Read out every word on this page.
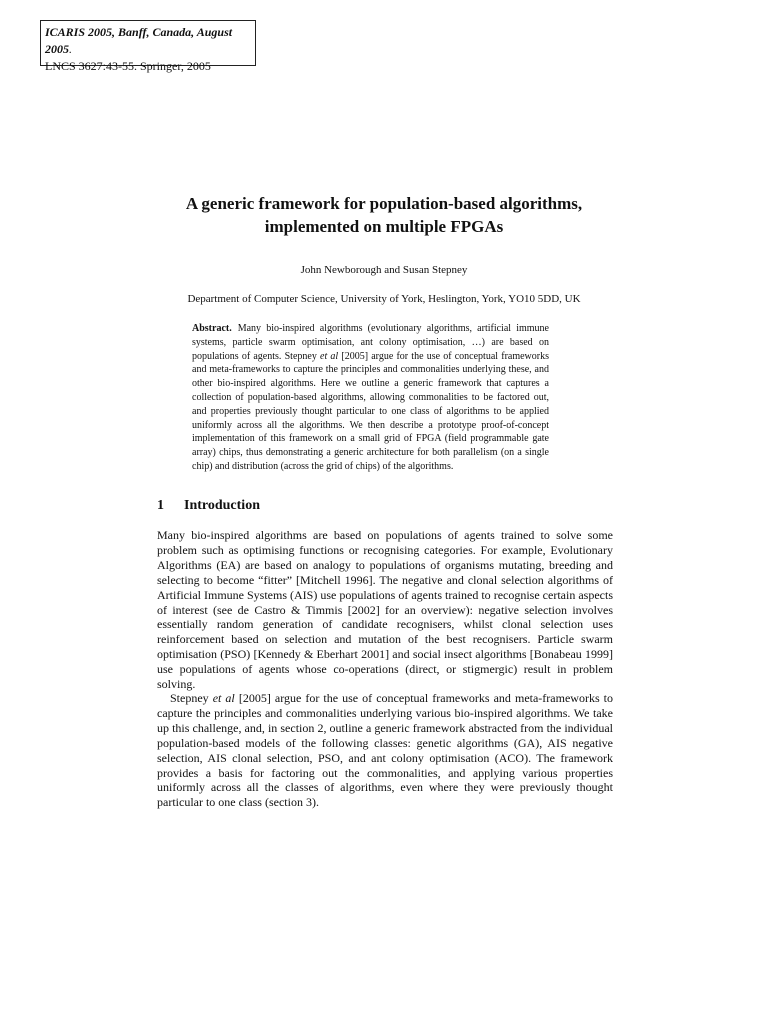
ICARIS 2005, Banff, Canada, August 2005.
LNCS 3627:43-55. Springer, 2005
A generic framework for population-based algorithms,
implemented on multiple FPGAs
John Newborough and Susan Stepney
Department of Computer Science, University of York, Heslington, York, YO10 5DD, UK

Abstract. Many bio-inspired algorithms (evolutionary algorithms, artificial immune systems, particle swarm optimisation, ant colony optimisation, …) are based on populations of agents. Stepney et al [2005] argue for the use of conceptual frameworks and meta-frameworks to capture the principles and commonalities underlying these, and other bio-inspired algorithms. Here we outline a generic framework that captures a collection of population-based algorithms, allowing commonalities to be factored out, and properties previously thought particular to one class of algorithms to be applied uniformly across all the algorithms. We then describe a prototype proof-of-concept implementation of this framework on a small grid of FPGA (field programmable gate array) chips, thus demonstrating a generic architecture for both parallelism (on a single chip) and distribution (across the grid of chips) of the algorithms.

1 Introduction

Many bio-inspired algorithms are based on populations of agents trained to solve some problem such as optimising functions or recognising categories. For example, Evolutionary Algorithms (EA) are based on analogy to populations of organisms mutating, breeding and selecting to become “fitter” [Mitchell 1996]. The negative and clonal selection algorithms of Artificial Immune Systems (AIS) use populations of agents trained to recognise certain aspects of interest (see de Castro & Timmis [2002] for an overview): negative selection involves essentially random generation of candidate recognisers, whilst clonal selection uses reinforcement based on selection and mutation of the best recognisers. Particle swarm optimisation (PSO) [Kennedy & Eberhart 2001] and social insect algorithms [Bonabeau 1999] use populations of agents whose co-operations (direct, or stigmergic) result in problem solving.

Stepney et al [2005] argue for the use of conceptual frameworks and meta-frameworks to capture the principles and commonalities underlying various bio-inspired algorithms. We take up this challenge, and, in section 2, outline a generic framework abstracted from the individual population-based models of the following classes: genetic algorithms (GA), AIS negative selection, AIS clonal selection, PSO, and ant colony optimisation (ACO). The framework provides a basis for factoring out the commonalities, and applying various properties uniformly across all the classes of algorithms, even where they were previously thought particular to one class (section 3).
